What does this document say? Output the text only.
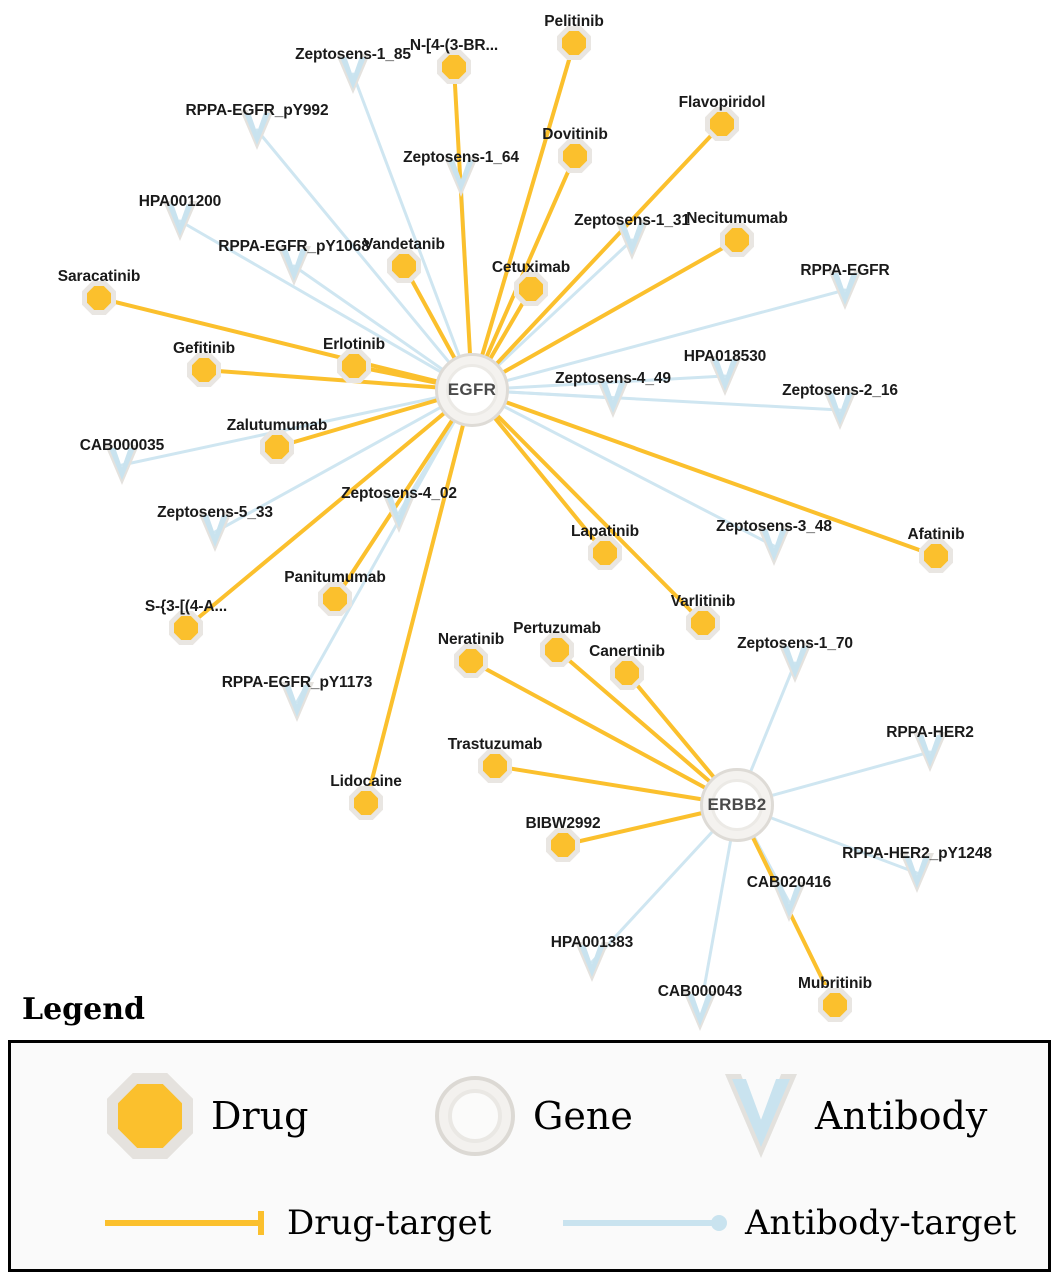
EGFR
ERBB2
Pelitinib
N-[4-(3-BR...
Flavopiridol
Dovitinib
Necitumumab
Vandetanib
Cetuximab
Saracatinib
Gefitinib	Erlotinib
Zalutumumab
Afatinib
Lapatinib
Varlitinib
Panitumumab
S-{3-[(4-A...
Pertuzumab
Neratinib
Canertinib
Trastuzumab
Lidocaine
BIBW2992
Mubritinib
Zeptosens-1_85
RPPA-EGFR_pY992
Zeptosens-1_64
HPA001200
Zeptosens-1_31
RPPA-EGFR_pY1068
RPPA-EGFR
HPA018530
Zeptosens-4_49
Zeptosens-2_16
CAB000035
Zeptosens-5_33
Zeptosens-4_02
Zeptosens-3_48
Zeptosens-1_70
RPPA-EGFR_pY1173
RPPA-HER2
RPPA-HER2_pY1248
CAB020416
HPA001383
CAB000043
Legend
Drug	Gene	Antibody
Drug-target	Antibody-target
